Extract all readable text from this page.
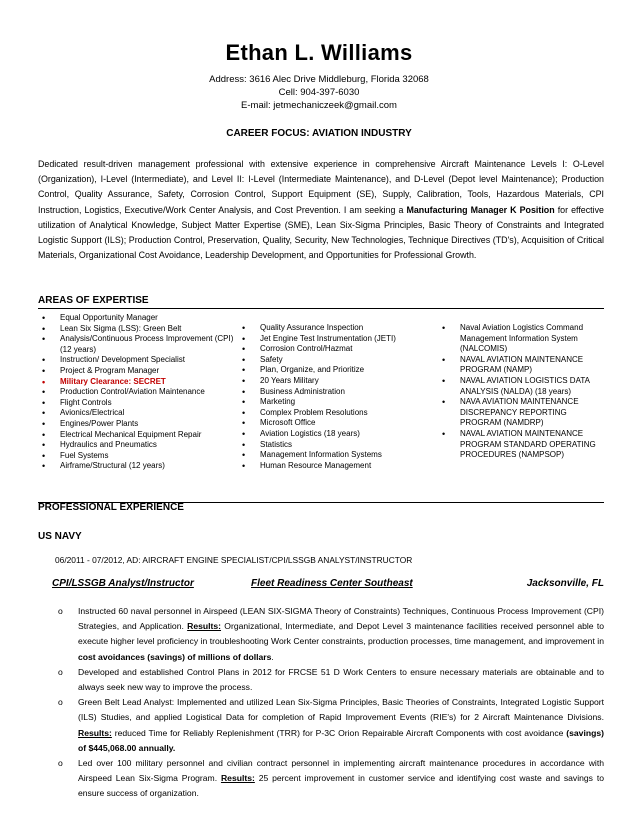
Ethan L. Williams
Address: 3616 Alec Drive Middleburg, Florida 32068
Cell: 904-397-6030
E-mail: jetmechaniczeek@gmail.com
CAREER FOCUS: AVIATION INDUSTRY
Dedicated result-driven management professional with extensive experience in comprehensive Aircraft Maintenance Levels I: O-Level (Organization), I-Level (Intermediate), and Level II: I-Level (Intermediate Maintenance), and D-Level (Depot level Maintenance); Production Control, Quality Assurance, Safety, Corrosion Control, Support Equipment (SE), Supply, Calibration, Tools, Hazardous Materials, CPI Instruction, Logistics, Executive/Work Center Analysis, and Cost Prevention. I am seeking a Manufacturing Manager K Position for effective utilization of Analytical Knowledge, Subject Matter Expertise (SME), Lean Six-Sigma Principles, Basic Theory of Constraints and Integrated Logistic Support (ILS); Production Control, Preservation, Quality, Security, New Technologies, Technique Directives (TD's), Acquisition of Critical Materials, Organizational Cost Avoidance, Leadership Development, and Opportunities for Professional Growth.
AREAS OF EXPERTISE
• Equal Opportunity Manager
• Lean Six Sigma (LSS): Green Belt
• Analysis/Continuous Process Improvement (CPI) (12 years)
• Instruction/ Development Specialist
• Project & Program Manager
• Military Clearance: SECRET
• Production Control/Aviation Maintenance
• Flight Controls
• Avionics/Electrical
• Engines/Power Plants
• Electrical Mechanical Equipment Repair
• Hydraulics and Pneumatics
• Fuel Systems
• Airframe/Structural (12 years)
• Quality Assurance Inspection
• Jet Engine Test Instrumentation (JETI)
• Corrosion Control/Hazmat
• Safety
• Plan, Organize, and Prioritize
• 20 Years Military
• Business Administration
• Marketing
• Complex Problem Resolutions
• Microsoft Office
• Aviation Logistics (18 years)
• Statistics
• Management Information Systems
• Human Resource Management
• Naval Aviation Logistics Command Management Information System (NALCOMIS)
• NAVAL AVIATION MAINTENANCE PROGRAM (NAMP)
• NAVAL AVIATION LOGISTICS DATA ANALYSIS (NALDA) (18 years)
• NAVA AVIATION MAINTENANCE DISCREPANCY REPORTING PROGRAM (NAMDRP)
• NAVAL AVIATION MAINTENANCE PROGRAM STANDARD OPERATING PROCEDURES (NAMPSOP)
PROFESSIONAL EXPERIENCE
US NAVY
06/2011 - 07/2012, AD: AIRCRAFT ENGINE SPECIALIST/CPI/LSSGB ANALYST/INSTRUCTOR
CPI/LSSGB Analyst/Instructor	Fleet Readiness Center Southeast	Jacksonville, FL
o Instructed 60 naval personnel in Airspeed (LEAN SIX-SIGMA Theory of Constraints) Techniques, Continuous Process Improvement (CPI) Strategies, and Application. Results: Organizational, Intermediate, and Depot Level 3 maintenance facilities received personnel able to execute higher level proficiency in troubleshooting Work Center constraints, production processes, time management, and improvement in cost avoidances (savings) of millions of dollars.
o Developed and established Control Plans in 2012 for FRCSE 51 D Work Centers to ensure necessary materials are obtainable and to always seek new way to improve the process.
o Green Belt Lead Analyst: Implemented and utilized Lean Six-Sigma Principles, Basic Theories of Constraints, Integrated Logistic Support (ILS) Studies, and applied Logistical Data for completion of Rapid Improvement Events (RIE's) for 2 Aircraft Maintenance Divisions. Results: reduced Time for Reliably Replenishment (TRR) for P-3C Orion Repairable Aircraft Components with cost avoidance (savings) of $445,068.00 annually.
o Led over 100 military personnel and civilian contract personnel in implementing aircraft maintenance procedures in accordance with Airspeed Lean Six-Sigma Program. Results: 25 percent improvement in customer service and identifying cost waste and savings to ensure success of organization.
